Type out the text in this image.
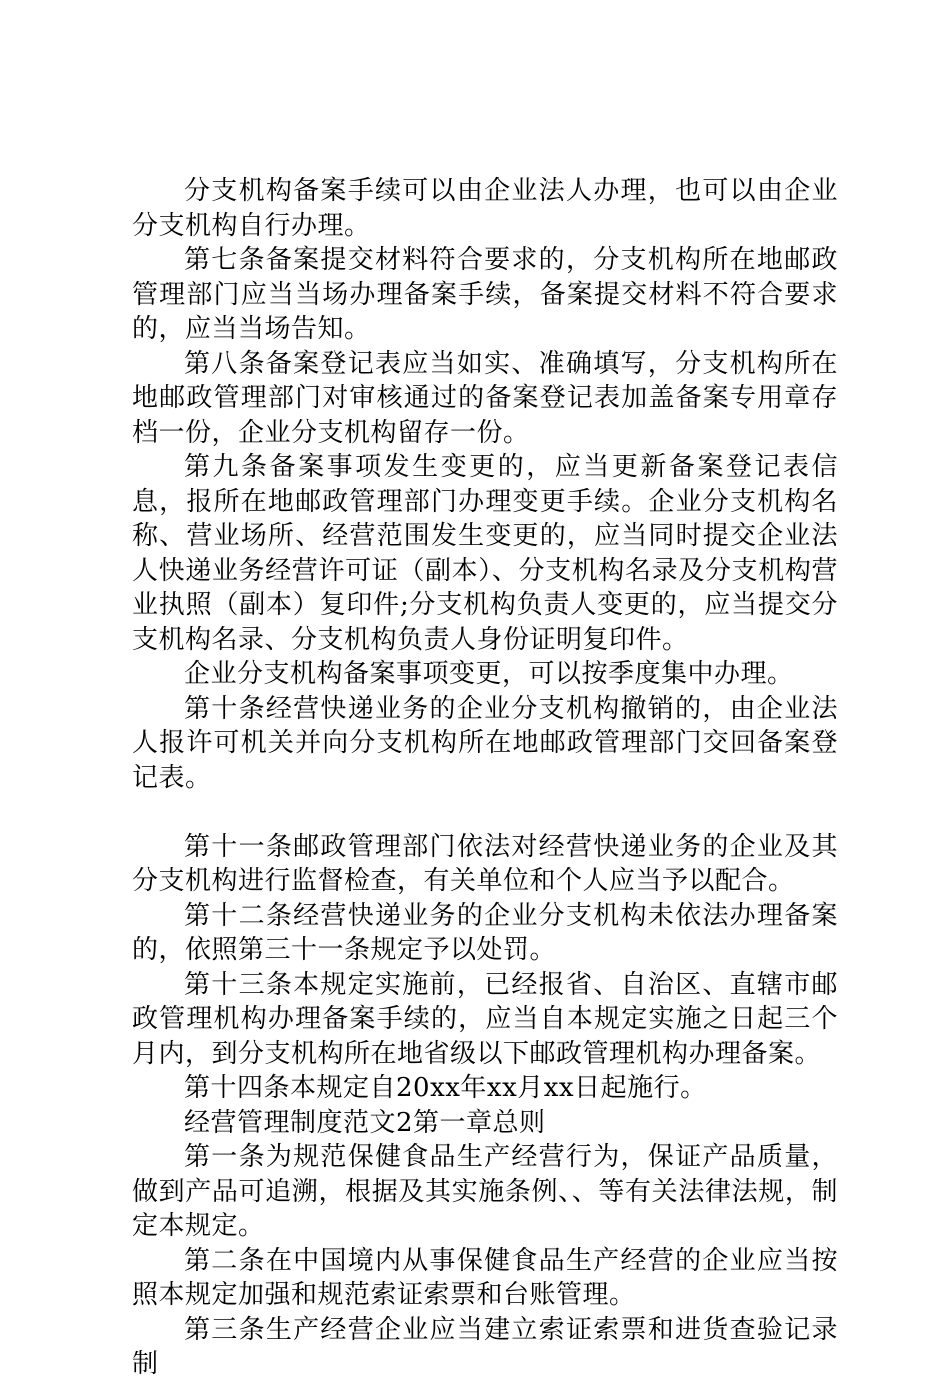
分支机构备案手续可以由企业法人办理，也可以由企业分支机构自行办理。

第七条备案提交材料符合要求的，分支机构所在地邮政管理部门应当当场办理备案手续，备案提交材料不符合要求的，应当当场告知。

第八条备案登记表应当如实、准确填写，分支机构所在地邮政管理部门对审核通过的备案登记表加盖备案专用章存档一份，企业分支机构留存一份。

第九条备案事项发生变更的，应当更新备案登记表信息，报所在地邮政管理部门办理变更手续。企业分支机构名称、营业场所、经营范围发生变更的，应当同时提交企业法人快递业务经营许可证（副本）、分支机构名录及分支机构营业执照（副本）复印件;分支机构负责人变更的，应当提交分支机构名录、分支机构负责人身份证明复印件。

企业分支机构备案事项变更，可以按季度集中办理。

第十条经营快递业务的企业分支机构撤销的，由企业法人报许可机关并向分支机构所在地邮政管理部门交回备案登记表。

第十一条邮政管理部门依法对经营快递业务的企业及其分支机构进行监督检查，有关单位和个人应当予以配合。

第十二条经营快递业务的企业分支机构未依法办理备案的，依照第三十一条规定予以处罚。

第十三条本规定实施前，已经报省、自治区、直辖市邮政管理机构办理备案手续的，应当自本规定实施之日起三个月内，到分支机构所在地省级以下邮政管理机构办理备案。

第十四条本规定自20xx年xx月xx日起施行。

经营管理制度范文2第一章总则

第一条为规范保健食品生产经营行为，保证产品质量，做到产品可追溯，根据及其实施条例、、等有关法律法规，制定本规定。

第二条在中国境内从事保健食品生产经营的企业应当按照本规定加强和规范索证索票和台账管理。

第三条生产经营企业应当建立索证索票和进货查验记录制
